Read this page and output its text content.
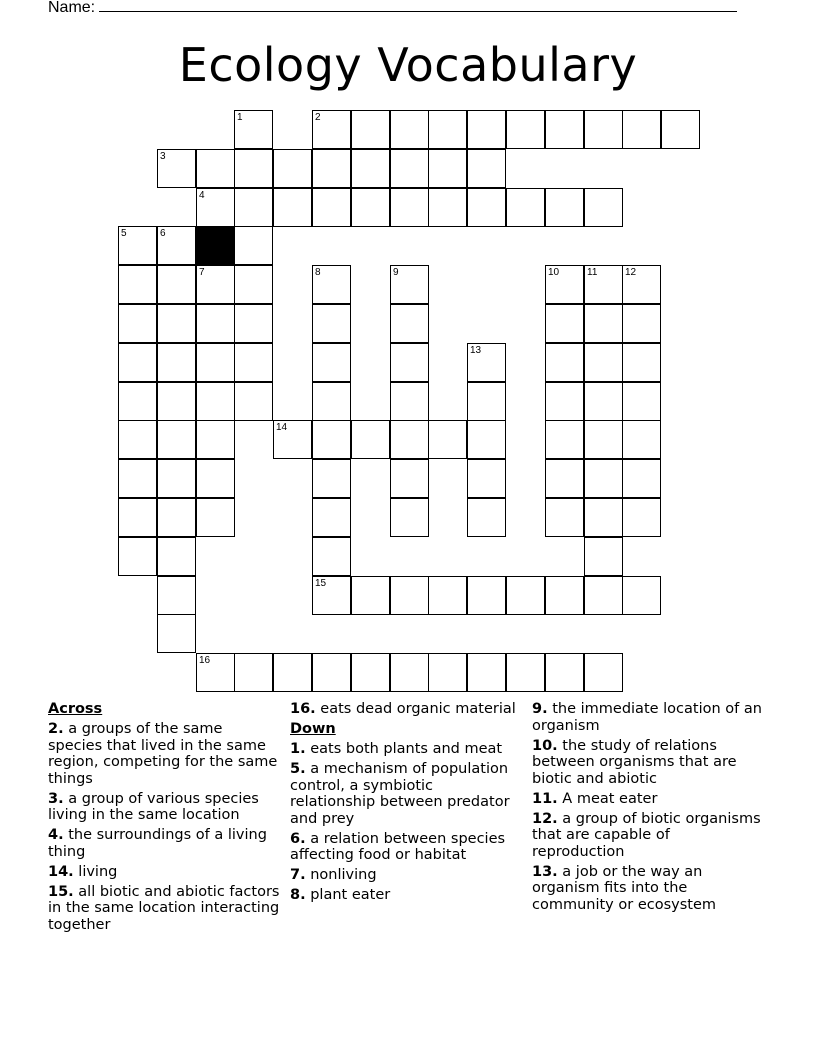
Name:
Ecology Vocabulary
1	2
3
4
5	6
7	8	9	10	11	12
13
14
15
16
Across
2. a groups of the same species that lived in the same region, competing for the same things
3. a group of various species living in the same location
4. the surroundings of a living thing
14. living
15. all biotic and abiotic factors in the same location interacting together
16. eats dead organic material
Down
1. eats both plants and meat
5. a mechanism of population control, a symbiotic relationship between predator and prey
6. a relation between species affecting food or habitat
7. nonliving
8. plant eater
9. the immediate location of an organism
10. the study of relations between organisms that are biotic and abiotic
11. A meat eater
12. a group of biotic organisms that are capable of reproduction
13. a job or the way an organism fits into the community or ecosystem
